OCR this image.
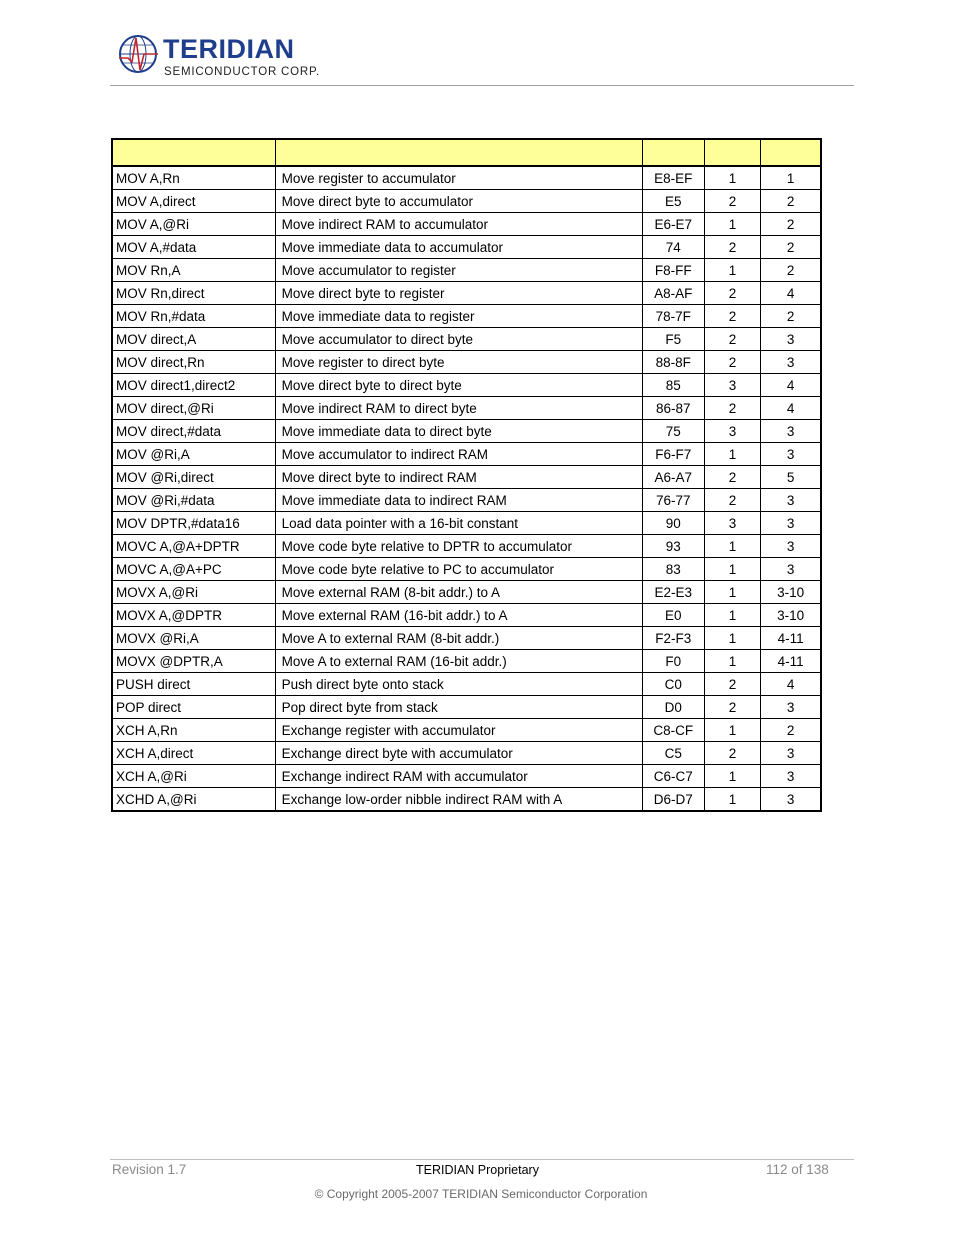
TERIDIAN
SEMICONDUCTOR CORP.

MOV A,Rn	Move register to accumulator	E8-EF	1	1
MOV A,direct	Move direct byte to accumulator	E5	2	2
MOV A,@Ri	Move indirect RAM to accumulator	E6-E7	1	2
MOV A,#data	Move immediate data to accumulator	74	2	2
MOV Rn,A	Move accumulator to register	F8-FF	1	2
MOV Rn,direct	Move direct byte to register	A8-AF	2	4
MOV Rn,#data	Move immediate data to register	78-7F	2	2
MOV direct,A	Move accumulator to direct byte	F5	2	3
MOV direct,Rn	Move register to direct byte	88-8F	2	3
MOV direct1,direct2	Move direct byte to direct byte	85	3	4
MOV direct,@Ri	Move indirect RAM to direct byte	86-87	2	4
MOV direct,#data	Move immediate data to direct byte	75	3	3
MOV @Ri,A	Move accumulator to indirect RAM	F6-F7	1	3
MOV @Ri,direct	Move direct byte to indirect RAM	A6-A7	2	5
MOV @Ri,#data	Move immediate data to indirect RAM	76-77	2	3
MOV DPTR,#data16	Load data pointer with a 16-bit constant	90	3	3
MOVC A,@A+DPTR	Move code byte relative to DPTR to accumulator	93	1	3
MOVC A,@A+PC	Move code byte relative to PC to accumulator	83	1	3
MOVX A,@Ri	Move external RAM (8-bit addr.) to A	E2-E3	1	3-10
MOVX A,@DPTR	Move external RAM (16-bit addr.) to A	E0	1	3-10
MOVX @Ri,A	Move A to external RAM (8-bit addr.)	F2-F3	1	4-11
MOVX @DPTR,A	Move A to external RAM (16-bit addr.)	F0	1	4-11
PUSH direct	Push direct byte onto stack	C0	2	4
POP direct	Pop direct byte from stack	D0	2	3
XCH A,Rn	Exchange register with accumulator	C8-CF	1	2
XCH A,direct	Exchange direct byte with accumulator	C5	2	3
XCH A,@Ri	Exchange indirect RAM with accumulator	C6-C7	1	3
XCHD A,@Ri	Exchange low-order nibble indirect RAM with A	D6-D7	1	3
Revision 1.7	TERIDIAN Proprietary	112 of 138
© Copyright 2005-2007 TERIDIAN Semiconductor Corporation
